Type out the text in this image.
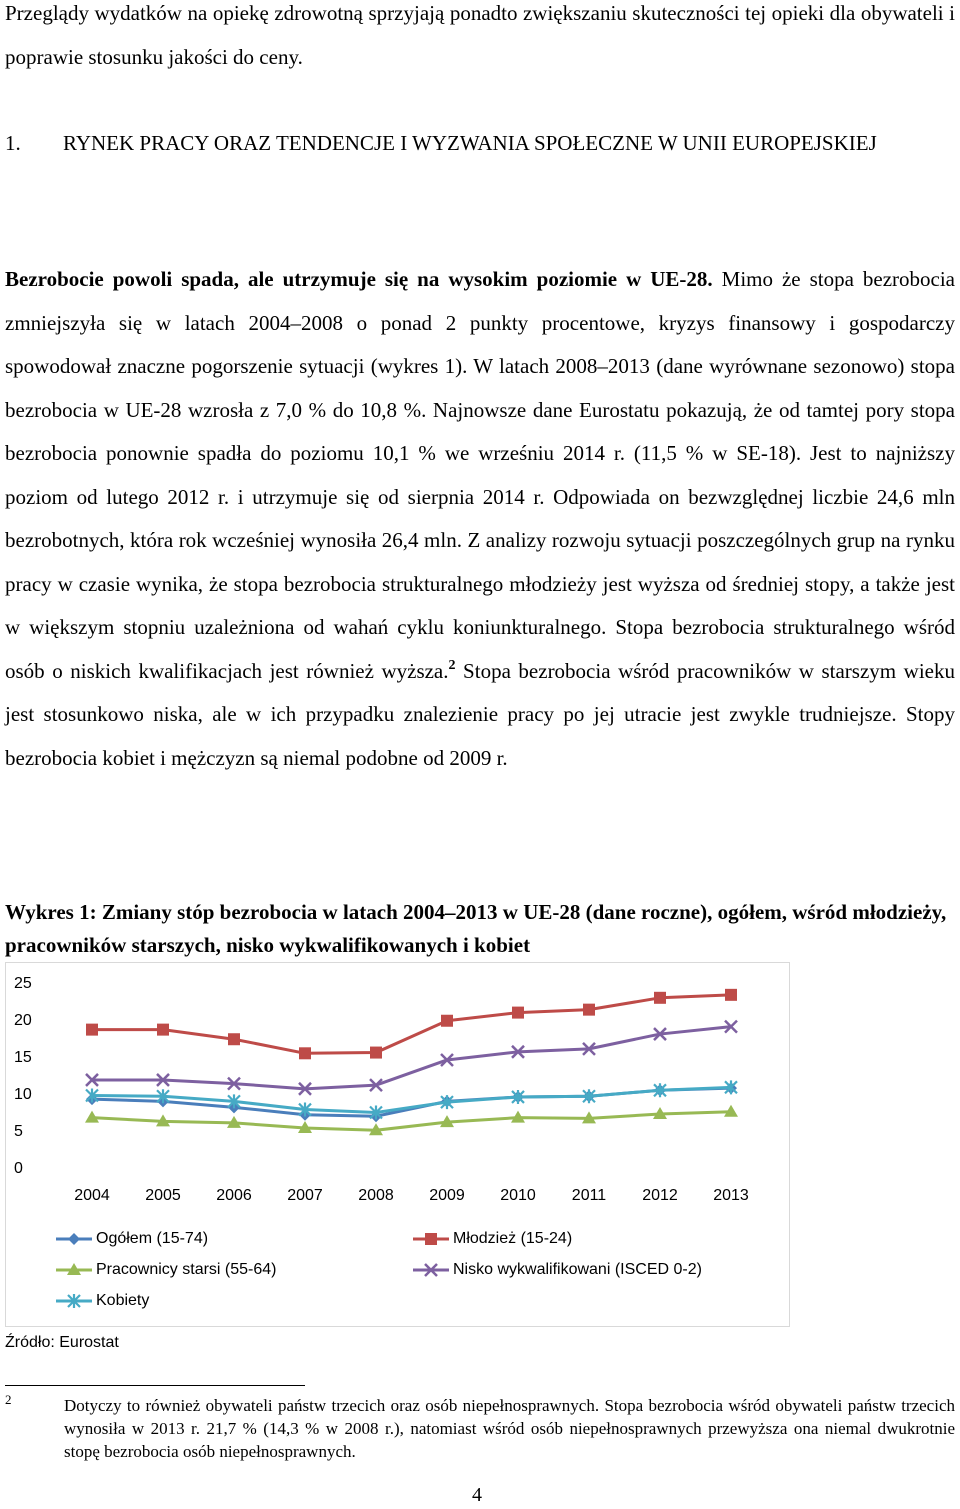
Przeglądy wydatków na opiekę zdrowotną sprzyjają ponadto zwiększaniu skuteczności tej opieki dla obywateli i poprawie stosunku jakości do ceny.

1. RYNEK PRACY ORAZ TENDENCJE I WYZWANIA SPOŁECZNE W UNII EUROPEJSKIEJ

Bezrobocie powoli spada, ale utrzymuje się na wysokim poziomie w UE-28. Mimo że stopa bezrobocia zmniejszyła się w latach 2004–2008 o ponad 2 punkty procentowe, kryzys finansowy i gospodarczy spowodował znaczne pogorszenie sytuacji (wykres 1). W latach 2008–2013 (dane wyrównane sezonowo) stopa bezrobocia w UE-28 wzrosła z 7,0 % do 10,8 %. Najnowsze dane Eurostatu pokazują, że od tamtej pory stopa bezrobocia ponownie spadła do poziomu 10,1 % we wrześniu 2014 r. (11,5 % w SE-18). Jest to najniższy poziom od lutego 2012 r. i utrzymuje się od sierpnia 2014 r. Odpowiada on bezwzględnej liczbie 24,6 mln bezrobotnych, która rok wcześniej wynosiła 26,4 mln. Z analizy rozwoju sytuacji poszczególnych grup na rynku pracy w czasie wynika, że stopa bezrobocia strukturalnego młodzieży jest wyższa od średniej stopy, a także jest w większym stopniu uzależniona od wahań cyklu koniunkturalnego. Stopa bezrobocia strukturalnego wśród osób o niskich kwalifikacjach jest również wyższa.$^2$ Stopa bezrobocia wśród pracowników w starszym wieku jest stosunkowo niska, ale w ich przypadku znalezienie pracy po jej utracie jest zwykle trudniejsze. Stopy bezrobocia kobiet i mężczyzn są niemal podobne od 2009 r.

Wykres 1: Zmiany stóp bezrobocia w latach 2004–2013 w UE-28 (dane roczne), ogółem, wśród młodzieży, pracowników starszych, nisko wykwalifikowanych i kobiet

0
5
10
15
20
25
2004 2005 2006 2007 2008 2009 2010 2011 2012 2013
Ogółem (15-74)	Młodzież (15-24)
Pracownicy starsi (55-64)	Nisko wykwalifikowani (ISCED 0-2)
Kobiety

Źródło: Eurostat

2	Dotyczy to również obywateli państw trzecich oraz osób niepełnosprawnych. Stopa bezrobocia wśród obywateli państw trzecich wynosiła w 2013 r. 21,7 % (14,3 % w 2008 r.), natomiast wśród osób niepełnosprawnych przewyższa ona niemal dwukrotnie stopę bezrobocia osób niepełnosprawnych.

4
